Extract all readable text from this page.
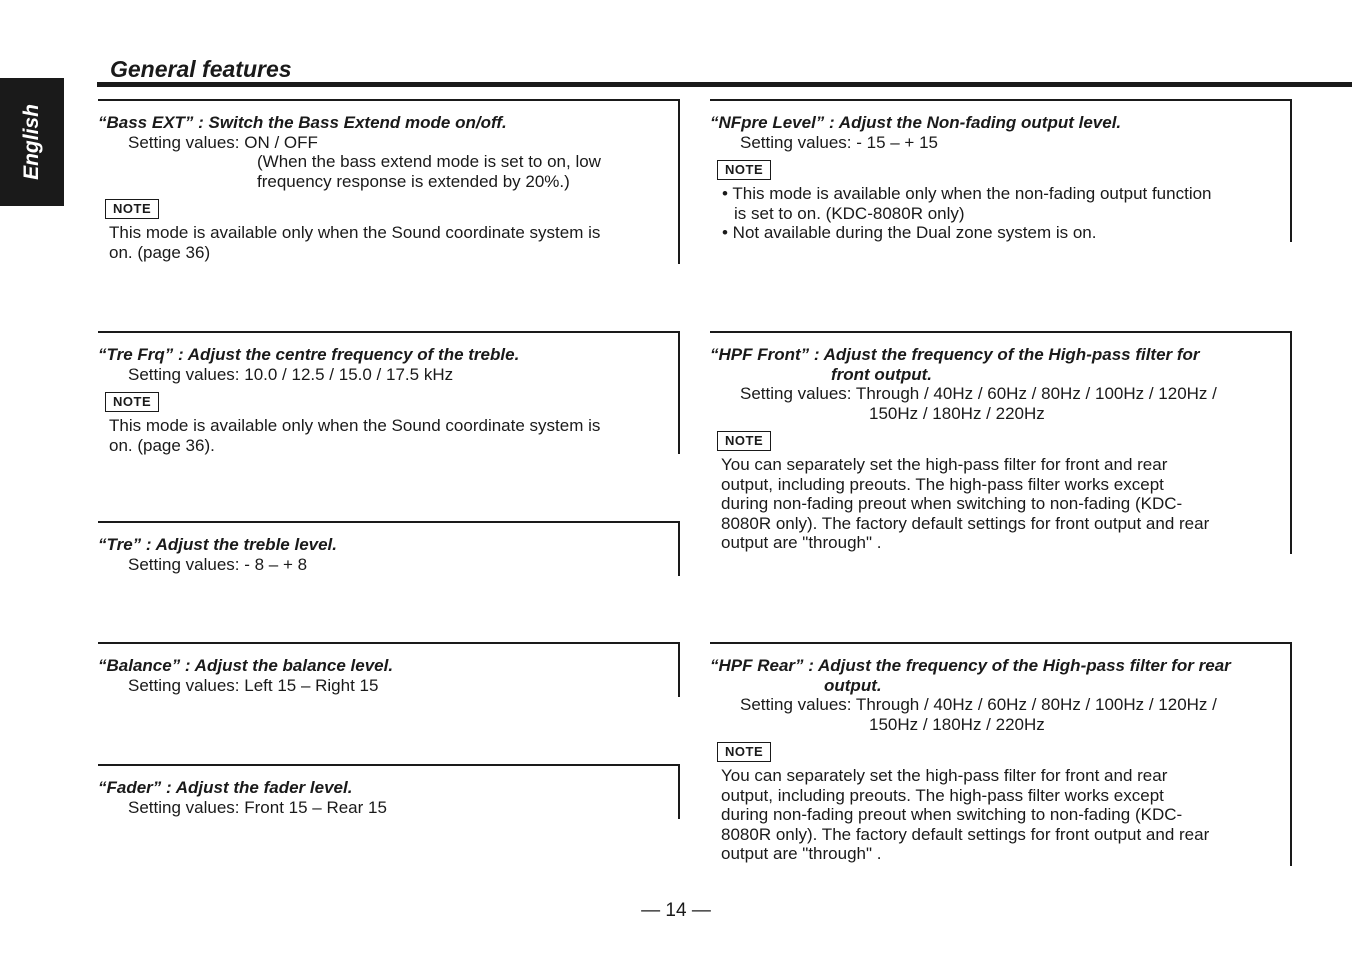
English
General features
“Bass EXT” : Switch the Bass Extend mode on/off.
Setting values: ON / OFF
(When the bass extend mode is set to on, low
frequency response is extended by 20%.)
NOTE
This mode is available only when the Sound coordinate system is
on. (page 36)
“Tre Frq” : Adjust the centre frequency of the treble.
Setting values: 10.0 / 12.5 / 15.0 / 17.5 kHz
NOTE
This mode is available only when the Sound coordinate system is
on. (page 36).
“Tre” : Adjust the treble level.
Setting values: - 8 – + 8
“Balance” : Adjust the balance level.
Setting values: Left 15 – Right 15
“Fader” : Adjust the fader level.
Setting values: Front 15 – Rear 15
“NFpre Level” : Adjust the Non-fading output level.
Setting values: - 15 – + 15
NOTE
• This mode is available only when the non-fading output function
is set to on. (KDC-8080R only)
• Not available during the Dual zone system is on.
“HPF Front” : Adjust the frequency of the High-pass filter for
front output.
Setting values: Through / 40Hz / 60Hz / 80Hz / 100Hz / 120Hz /
150Hz / 180Hz / 220Hz
NOTE
You can separately set the high-pass filter for front and rear
output, including preouts. The high-pass filter works except
during non-fading preout when switching to non-fading (KDC-
8080R only). The factory default settings for front output and rear
output are "through" .
“HPF Rear” : Adjust the frequency of the High-pass filter for rear
output.
Setting values: Through / 40Hz / 60Hz / 80Hz / 100Hz / 120Hz /
150Hz / 180Hz / 220Hz
NOTE
You can separately set the high-pass filter for front and rear
output, including preouts. The high-pass filter works except
during non-fading preout when switching to non-fading (KDC-
8080R only). The factory default settings for front output and rear
output are "through" .
— 14 —
